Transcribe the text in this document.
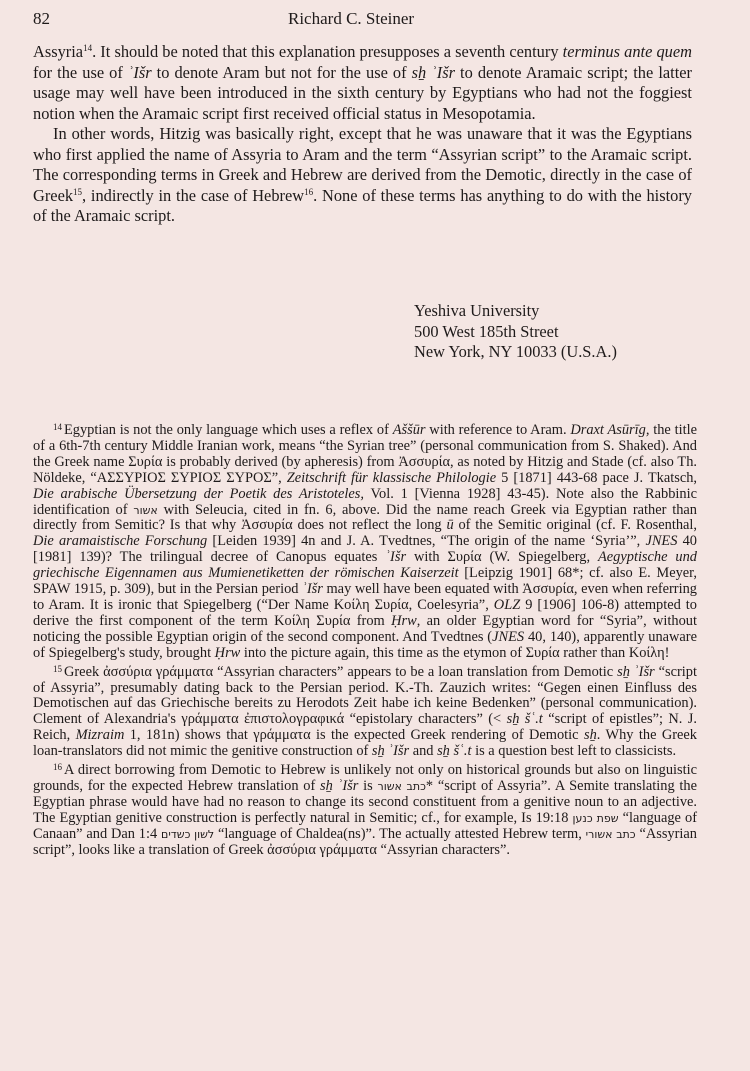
82	Richard C. Steiner

Assyria$^{14}$. It should be noted that this explanation presupposes a seventh century terminus ante quem for the use of ʾIšr to denote Aram but not for the use of sẖ ʾIšr to denote Aramaic script; the latter usage may well have been introduced in the sixth century by Egyptians who had not the foggiest notion when the Aramaic script first received official status in Mesopotamia.

In other words, Hitzig was basically right, except that he was unaware that it was the Egyptians who first applied the name of Assyria to Aram and the term “Assyrian script” to the Aramaic script. The corresponding terms in Greek and Hebrew are derived from the Demotic, directly in the case of Greek$^{15}$, indirectly in the case of Hebrew$^{16}$. None of these terms has anything to do with the history of the Aramaic script.

Yeshiva University
500 West 185th Street
New York, NY 10033 (U.S.A.)

$^{14}$ Egyptian is not the only language which uses a reflex of Aššūr with reference to Aram. Draxt Asūrīg, the title of a 6th-7th century Middle Iranian work, means “the Syrian tree” (personal communication from S. Shaked). And the Greek name Συρία is probably derived (by apheresis) from Ἀσσυρία, as noted by Hitzig and Stade (cf. also Th. Nöldeke, “ΑΣΣΥΡΙΟΣ ΣΥΡΙΟΣ ΣΥΡΟΣ”, Zeitschrift für klassische Philologie 5 [1871] 443-68 pace J. Tkatsch, Die arabische Übersetzung der Poetik des Aristoteles, Vol. 1 [Vienna 1928] 43-45). Note also the Rabbinic identification of אשור with Seleucia, cited in fn. 6, above. Did the name reach Greek via Egyptian rather than directly from Semitic? Is that why Ἀσσυρία does not reflect the long ū of the Semitic original (cf. F. Rosenthal, Die aramaistische Forschung [Leiden 1939] 4n and J. A. Tvedtnes, “The origin of the name ‘Syria’”, JNES 40 [1981] 139)? The trilingual decree of Canopus equates ʾIšr with Συρία (W. Spiegelberg, Aegyptische und griechische Eigennamen aus Mumienetiketten der römischen Kaiserzeit [Leipzig 1901] 68*; cf. also E. Meyer, SPAW 1915, p. 309), but in the Persian period ʾIšr may well have been equated with Ἀσσυρία, even when referring to Aram. It is ironic that Spiegelberg (“Der Name Κοίλη Συρία, Coelesyria”, OLZ 9 [1906] 106-8) attempted to derive the first component of the term Κοίλη Συρία from Ḥrw, an older Egyptian word for “Syria”, without noticing the possible Egyptian origin of the second component. And Tvedtnes (JNES 40, 140), apparently unaware of Spiegelberg's study, brought Ḥrw into the picture again, this time as the etymon of Συρία rather than Κοίλη!

$^{15}$ Greek ἀσσύρια γράμματα “Assyrian characters” appears to be a loan translation from Demotic sẖ ʾIšr “script of Assyria”, presumably dating back to the Persian period. K.-Th. Zauzich writes: “Gegen einen Einfluss des Demotischen auf das Griechische bereits zu Herodots Zeit habe ich keine Bedenken” (personal communication). Clement of Alexandria's γράμματα ἐπιστολογραφικά “epistolary characters” (< sẖ šʿ.t “script of epistles”; N. J. Reich, Mizraim 1, 181n) shows that γράμματα is the expected Greek rendering of Demotic sẖ. Why the Greek loan-translators did not mimic the genitive construction of sẖ ʾIšr and sẖ šʿ.t is a question best left to classicists.

$^{16}$ A direct borrowing from Demotic to Hebrew is unlikely not only on historical grounds but also on linguistic grounds, for the expected Hebrew translation of sẖ ʾIšr is כתב אשור* “script of Assyria”. A Semite translating the Egyptian phrase would have had no reason to change its second constituent from a genitive noun to an adjective. The Egyptian genitive construction is perfectly natural in Semitic; cf., for example, Is 19:18 שפת כנען “language of Canaan” and Dan 1:4 לשון כשדים “language of Chaldea(ns)”. The actually attested Hebrew term, כתב אשורי “Assyrian script”, looks like a translation of Greek ἀσσύρια γράμματα “Assyrian characters”.
